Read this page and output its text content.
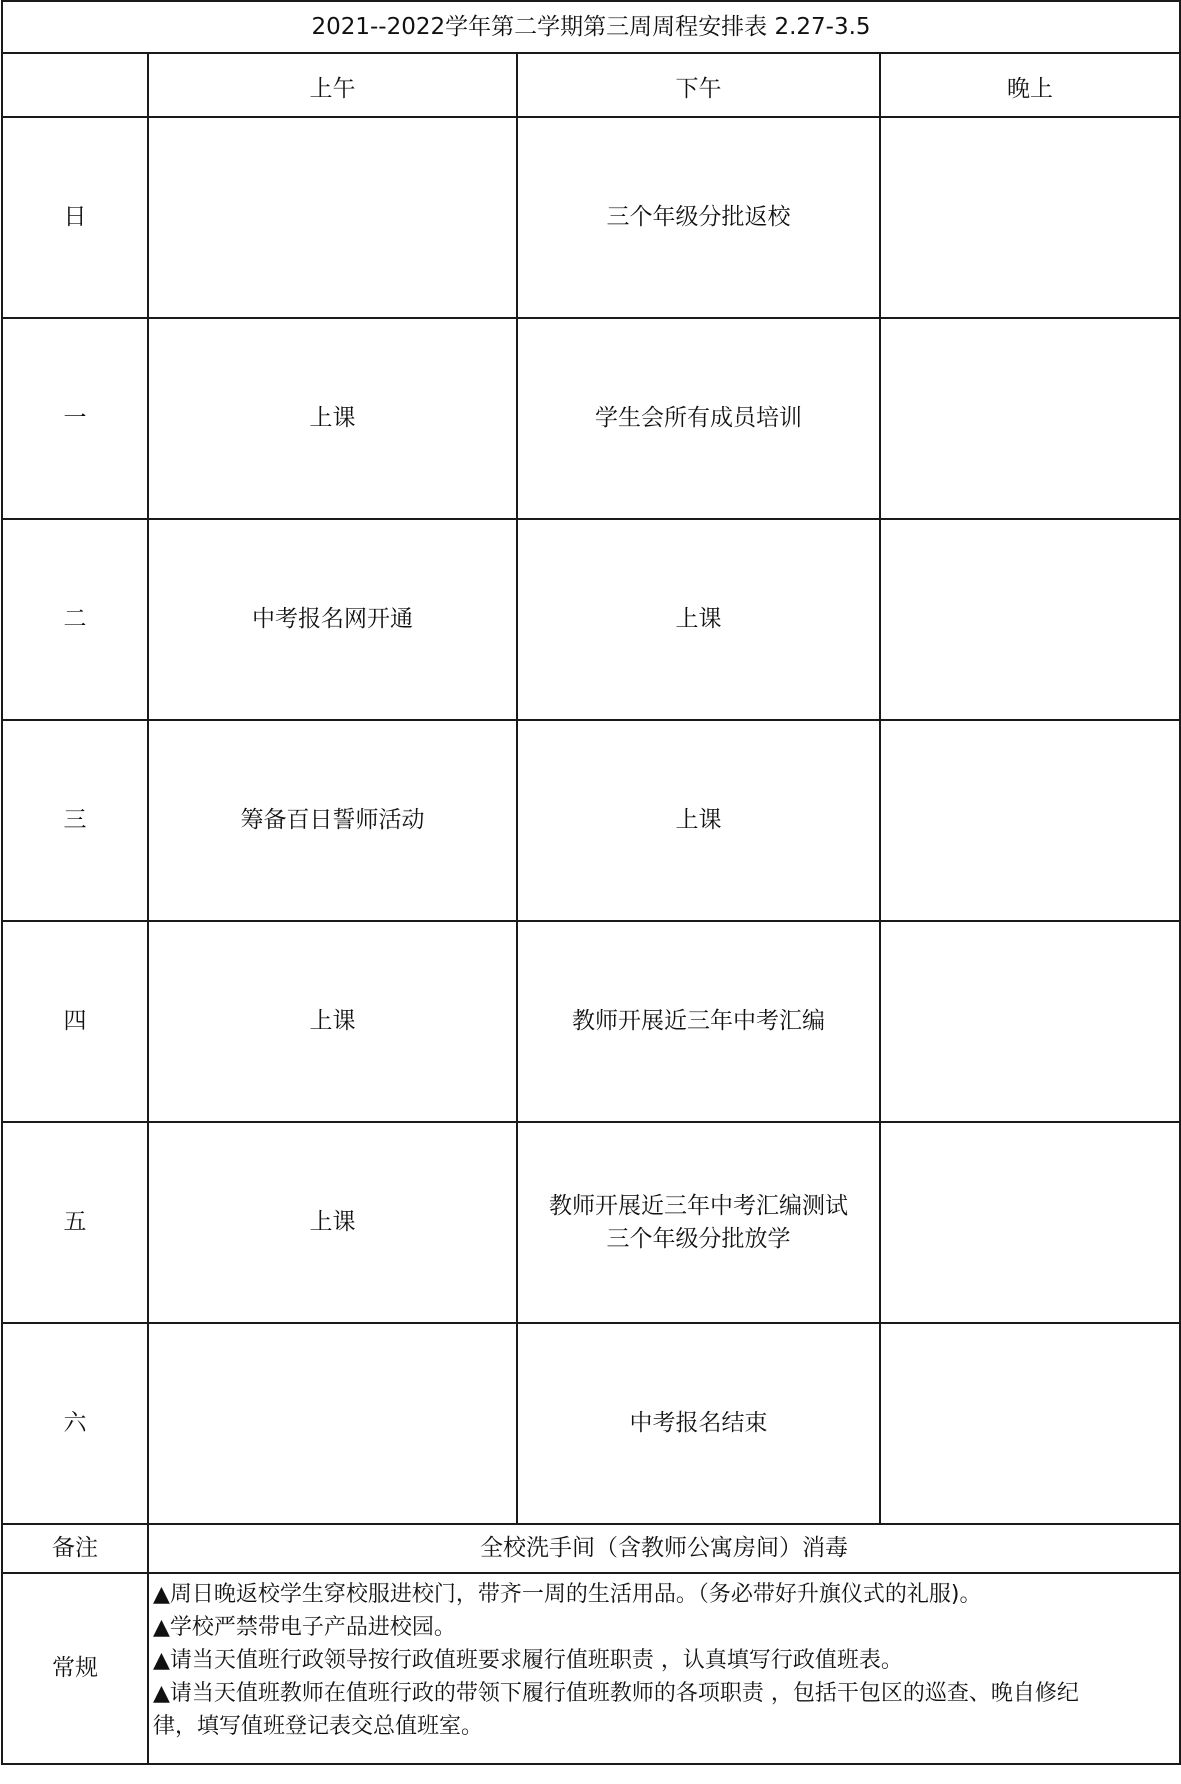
2021--2022学年第二学期第三周周程安排表 2.27-3.5			

	上午	下午	晚上

日		三个年级分批返校	

一	上课	学生会所有成员培训	

二	中考报名网开通	上课	

三	筹备百日誓师活动	上课	

四	上课	教师开展近三年中考汇编	

五	上课	教师开展近三年中考汇编测试
三个年级分批放学	

六		中考报名结束	

备注	全校洗手间（含教师公寓房间）消毒		
常规	▲周日晚返校学生穿校服进校门，带齐一周的生活用品。（务必带好升旗仪式的礼服)。
▲学校严禁带电子产品进校园。
▲请当天值班行政领导按行政值班要求履行值班职责 ，认真填写行政值班表。
▲请当天值班教师在值班行政的带领下履行值班教师的各项职责 ，包括干包区的巡查、晚自修纪
律，填写值班登记表交总值班室。		
